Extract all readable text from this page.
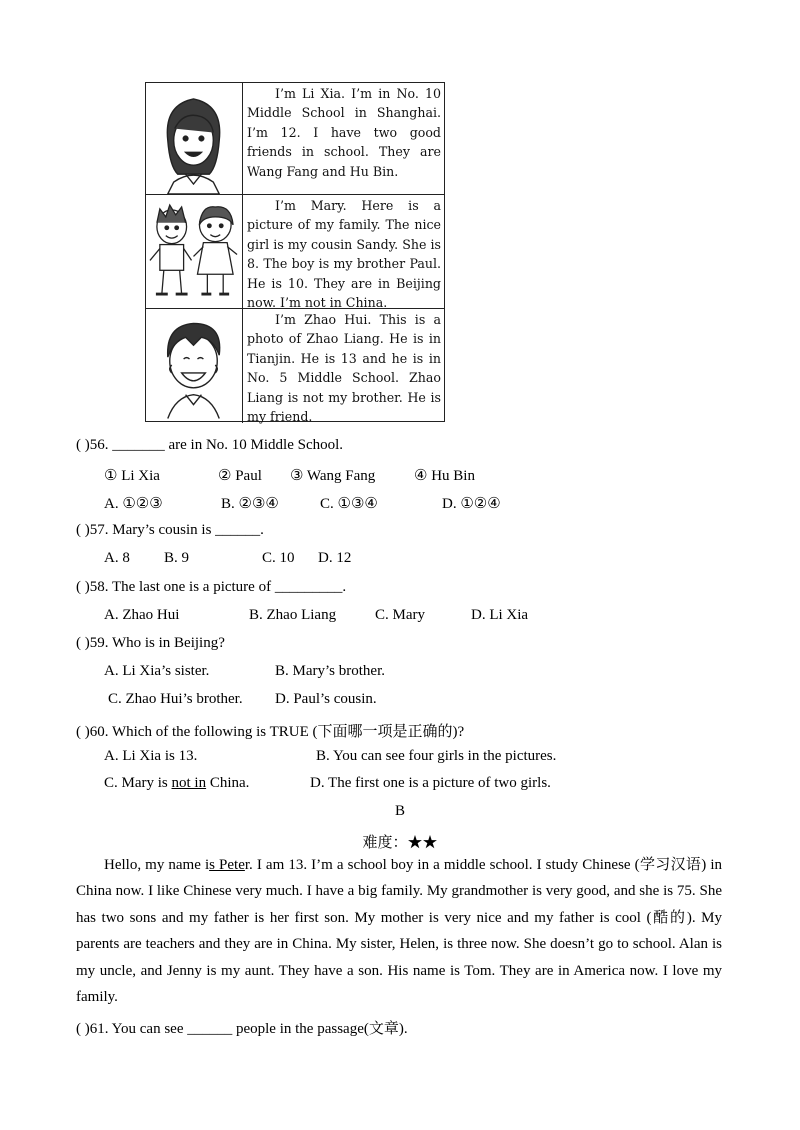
I’m Li Xia. I’m in No. 10 Middle School in Shanghai. I’m 12. I have two good friends in school. They are Wang Fang and Hu Bin.
I’m Mary. Here is a picture of my family. The nice girl is my cousin Sandy. She is 8. The boy is my brother Paul. He is 10. They are in Beijing now. I’m not in China.
I’m Zhao Hui. This is a photo of Zhao Liang. He is in Tianjin. He is 13 and he is in No. 5 Middle School. Zhao Liang is not my brother. He is my friend.
( )56. _______ are in No. 10 Middle School.
① Li Xia	② Paul ③ Wang Fang	④ Hu Bin
A. ①②③	B. ②③④	C. ①③④	D. ①②④
( )57. Mary’s cousin is ______.
A. 8 B. 9	C. 10 D. 12
( )58. The last one is a picture of _________.
A. Zhao Hui	B. Zhao Liang	C. Mary	D. Li Xia
( )59. Who is in Beijing?
A. Li Xia’s sister.	B. Mary’s brother.
C. Zhao Hui’s brother. D. Paul’s cousin.
( )60. Which of the following is TRUE (下面哪一项是正确的)?
A. Li Xia is 13.	B. You can see four girls in the pictures.
C. Mary is not in China.	D. The first one is a picture of two girls.
B
难度：★★
Hello, my name is Peter. I am 13. I’m a school boy in a middle school. I study Chinese (学习汉语) in China now. I like Chinese very much. I have a big family. My grandmother is very good, and she is 75. She has two sons and my father is her first son. My mother is very nice and my father is cool (酷的). My parents are teachers and they are in China. My sister, Helen, is three now. She doesn’t go to school. Alan is my uncle, and Jenny is my aunt. They have a son. His name is Tom. They are in America now. I love my family.
( )61. You can see ______ people in the passage(文章).
